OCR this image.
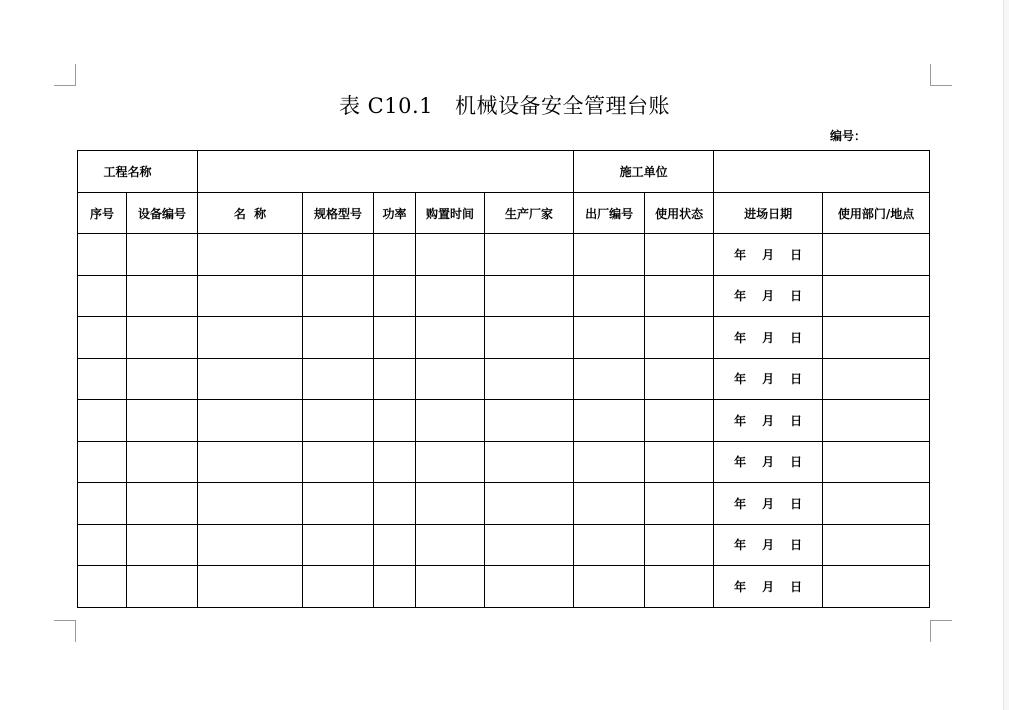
表 C10.1 机械设备安全管理台账
编号：
工程名称							施工单位			
序号	设备编号	名  称	规格型号	功率	购置时间	生产厂家	出厂编号	使用状态	进场日期	使用部门/地点
									年 月 日	
									年 月 日	
									年 月 日	
									年 月 日	
									年 月 日	
									年 月 日	
									年 月 日	
									年 月 日	
									年 月 日	
